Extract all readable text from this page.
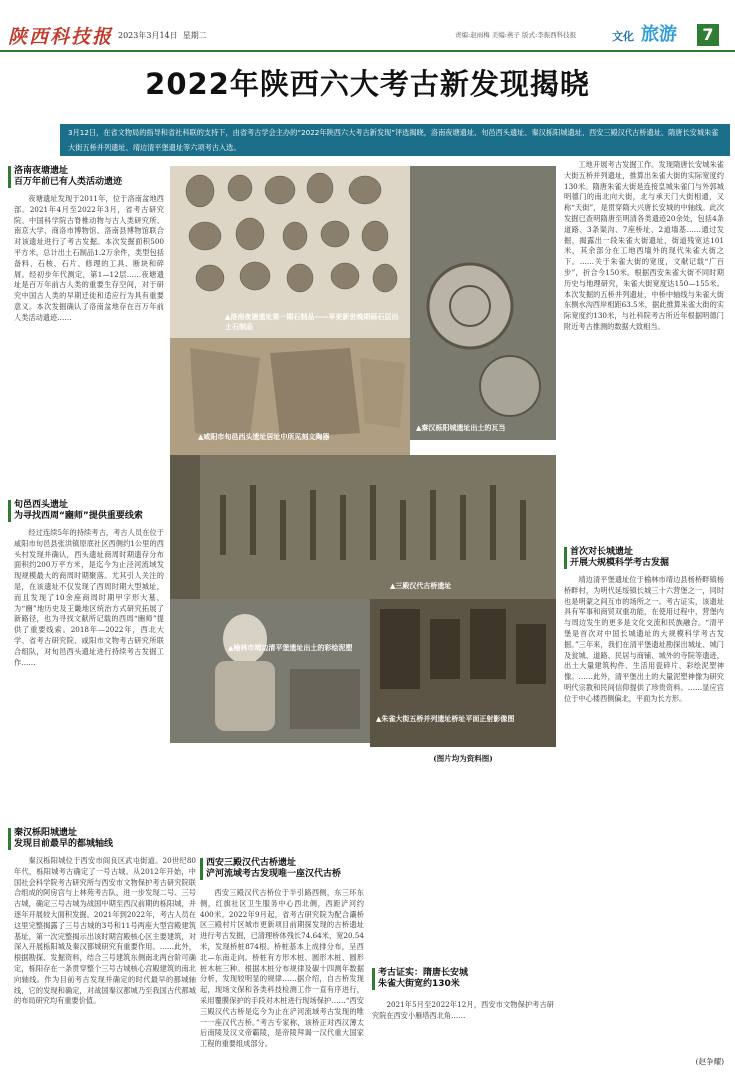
陕西科技报 2023年3月14日 星期二	责编:赵雨梅 美编:燕子 版式:李振西科技报	文化 旅游	7
2022年陕西六大考古新发现揭晓
3月12日，在省文物局的指导和省社科联的支持下，由省考古学会主办的“2022年陕西六大考古新发现”评选揭晓，洛南夜塘遗址、旬邑西头遗址、秦汉栎阳城遗址、西安三殿汉代古桥遗址、隋唐长安城朱雀大街五桥并列遗址、靖边清平堡遗址等六项考古入选。
洛南夜塘遗址
百万年前已有人类活动遗迹
夜塘遗址发现于2011年，位于洛南盆地西部。2021年4月至2022年3月，省考古研究院、中国科学院古脊椎动物与古人类研究所、南京大学、商洛市博物馆、洛南县博物馆联合对该遗址进行了考古发掘。本次发掘面积500平方米，总计出土石制品1.2万余件，类型包括备料、石核、石片、修理的工具、断块和碎屑。经初步年代测定，第1—12层……夜塘遗址是百万年前古人类的重要生存空间，对于研究中国古人类的早期迁徙和适应行为具有重要意义。本次发掘确认了洛南盆地存在百万年前人类活动遗迹……
旬邑西头遗址
为寻找西周“豳师”提供重要线索
经过连续5年的持续考古，考古人员在位于咸阳市旬邑县张洪镇原底社区西侧约1公里的西头村发现并确认，西头遗址商周时期遗存分布面积约200万平方米，是迄今为止泾河流域发现规模最大的商周时期聚落。尤其引人关注的是，在该遗址不仅发现了西周时期大型城址，而且发现了10余座商周时期甲字形大墓，为“豳”地历史及王畿地区统治方式研究拓展了新路径，也为寻找文献所记载的西周“豳师”提供了重要线索。2018年—2022年，西北大学、省考古研究院、咸阳市文物考古研究所联合组队，对旬邑西头遗址进行持续考古发掘工作……
秦汉栎阳城遗址
发现目前最早的都城轴线
秦汉栎阳城位于西安市阎良区武屯街道。20世纪80年代，栎阳城考古确定了一号古城。从2012年开始，中国社会科学院考古研究所与西安市文物保护考古研究院联合组成的阿房宫与上林苑考古队，进一步发现二号、三号古城，确定三号古城为战国中期至西汉前期的栎阳城，并逐年开展较大面积发掘。2021年到2022年，考古人员在这里完整揭露了三号古城的3号和11号两座大型宫殿建筑基址，第一次完整揭示出该时期宫殿核心区主要建筑，对深入开展栎阳城及秦汉都城研究有重要作用。……此外，根据勘探、发掘资料，结合三号建筑东侧南北两台阶可确定，栎阳存在一条贯穿整个三号古城核心宫殿建筑的南北向轴线。作为目前考古发现并确定的时代最早的都城轴线，它的发现和确定，对战国秦汉都城乃至我国古代都城的布局研究均有重要价值。
▲洛南夜塘遗址第一期石制品——早更新世晚期砾石层出土石制品
▲秦汉栎阳城遗址出土的瓦当
▲咸阳市旬邑西头遗址居址中所见刻文陶器
▲三殿汉代古桥遗址
▲榆林市靖边清平堡遗址出土的彩绘泥塑
▲朱雀大街五桥并列遗址桥址平面正射影像图
(图片均为资料图)
西安三殿汉代古桥遗址
浐河流域考古发现唯一座汉代古桥
西安三殿汉代古桥位于半引路西侧，东三环东侧，红旗社区卫生服务中心西北侧，西距浐河约400米。2022年9月起，省考古研究院为配合灞桥区三殿村片区城市更新项目前期探发现的古桥遗址进行考古发掘，已清理桥体残长74.64米，宽20.54米，发现桥桩874根。桥桩基本上成排分布，呈西北—东南走向。桥桩有方形木桩、圆形木桩、圆形桩木桩三种。根据木桩分布规律及碳十四测年数据分析，发现较明显的规律……据介绍，自古桥发现起，现场文保和各类科技检测工作一直有序进行，采用覆膜保护的手段对木桩进行现场保护……“西安三殿汉代古桥是迄今为止在浐河流域考古发现的唯一一座汉代古桥。”考古专家称，该桥正对西汉薄太后南陵及汉文帝霸陵，是帝陵拜谒一汉代重大国家工程的重要组成部分。
考古证实：隋唐长安城
朱雀大街宽约130米
2021年5月至2022年12月，西安市文物保护考古研究院在西安小雁塔西北角……
工地开展考古发掘工作。发现隋唐长安城朱雀大街五桥并列遗址，推算出朱雀大街的实际宽度约130米。隋唐朱雀大街是连接皇城朱雀门与外郭城明德门的南北向大街，北与承天门大街相通，又称“天街”，是贯穿隋大兴唐长安城的中轴线。此次发掘已查明隋唐至明清各类遗迹20余处，包括4条道路、3条渠沟、7座桥址、2道墙基……通过发掘，揭露出一段朱雀大街遗址，街道残宽达101米，其余部分在工地西墙外的现代朱雀大街之下。……关于朱雀大街的宽度，文献记载“广百步”，折合今150米。根据西安朱雀大街不同时期历史与地理研究，朱雀大街宽度达150—155米。本次发掘的五桥并列遗址，中桥中轴线与朱雀大街东侧水沟西岸相距63.5米，据此推算朱雀大街的实际宽度约130米，与社科院考古所近年根据明德门附近考古推测的数据大致相当。
首次对长城遗址
开展大规模科学考古发掘
靖边清平堡遗址位于榆林市靖边县杨桥畔镇杨桥畔村，为明代延绥镇长城三十六营堡之一，同时也是明蒙之间互市的场所之一。考古证实，该遗址具有军事和商贸双重功能，在使用过程中，营堡内与周边发生的更多是文化交流和民族融合。“清平堡是首次对中国长城遗址的大规模科学考古发掘。”三年来，我们在清平堡遗址勘探出城址、城门及瓮城、道路、民居与商铺、城外的寺院等遗迹，出土大量建筑构件、生活用瓷碎片、彩绘泥塑神像。……此外，清平堡出土的大量泥塑神像为研究明代宗教和民间信仰提供了珍贵资料。……显应宫位于中心楼西侧偏北，平面为长方形。
(赵争耀)
